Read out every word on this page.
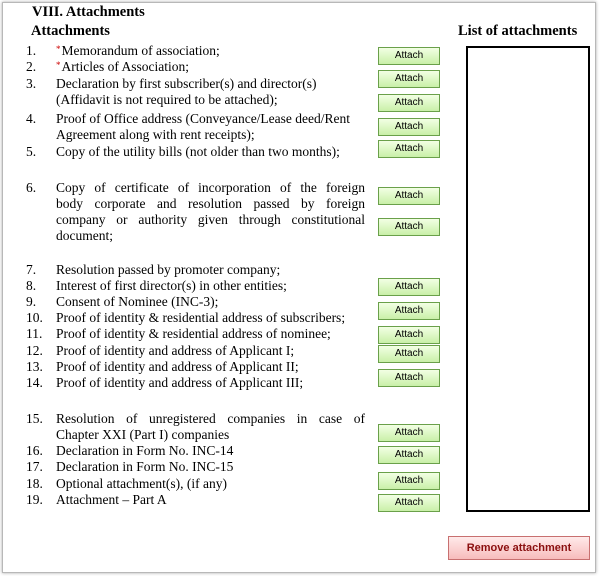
VIII. Attachments
Attachments	List of attachments
1. *Memorandum of association;
2. *Articles of Association;
3. Declaration by first subscriber(s) and director(s)
(Affidavit is not required to be attached);
4. Proof of Office address (Conveyance/Lease deed/Rent
Agreement along with rent receipts);
5. Copy of the utility bills (not older than two months);
6. Copy of certificate of incorporation of the foreign
body corporate and resolution passed by foreign
company or authority given through constitutional
document;
7. Resolution passed by promoter company;
8. Interest of first director(s) in other entities;
9. Consent of Nominee (INC-3);
10. Proof of identity & residential address of subscribers;
11. Proof of identity & residential address of nominee;
12. Proof of identity and address of Applicant I;
13. Proof of identity and address of Applicant II;
14. Proof of identity and address of Applicant III;
15. Resolution of unregistered companies in case of
Chapter XXI (Part I) companies
16. Declaration in Form No. INC-14
17. Declaration in Form No. INC-15
18. Optional attachment(s), (if any)
19. Attachment – Part A
Attach
Attach
Attach
Attach
Attach
Attach
Attach
Attach
Attach
Attach
Attach
Attach
Attach
Attach
Attach
Attach
Remove attachment
